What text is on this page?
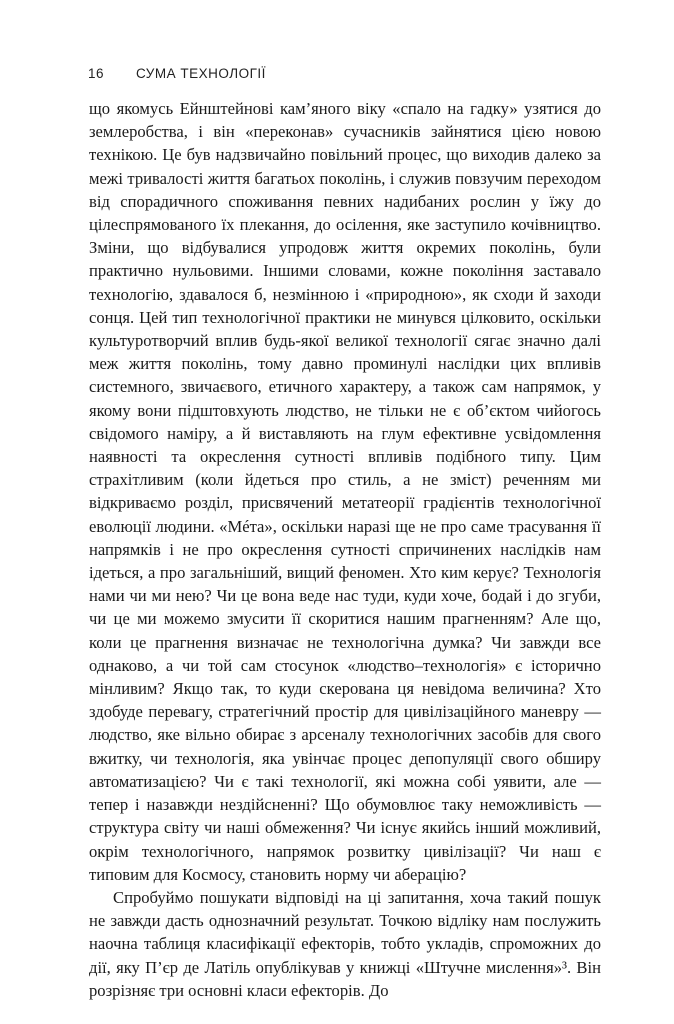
16 СУМА ТЕХНОЛОГІЇ

що якомусь Ейнштейнові кам’яного віку «спало на гадку» узятися до землеробства, і він «переконав» сучасників зайнятися цією новою технікою. Це був надзвичайно повільний процес, що виходив далеко за межі тривалості життя багатьох поколінь, і служив повзучим переходом від спорадичного споживання певних надибаних рослин у їжу до цілеспрямованого їх плекання, до осілення, яке заступило кочівництво. Зміни, що відбувалися упродовж життя окремих поколінь, були практично нульовими. Іншими словами, кожне покоління заставало технологію, здавалося б, незмінною і «природною», як сходи й заходи сонця. Цей тип технологічної практики не минувся цілковито, оскільки культуротворчий вплив будь-якої великої технології сягає значно далі меж життя поколінь, тому давно проминулі наслідки цих впливів системного, звичаєвого, етичного характеру, а також сам напрямок, у якому вони підштовхують людство, не тільки не є об’єктом чийогось свідомого наміру, а й виставляють на глум ефективне усвідомлення наявності та окреслення сутності впливів подібного типу. Цим страхітливим (коли йдеться про стиль, а не зміст) реченням ми відкриваємо розділ, присвячений метатеорії градієнтів технологічної еволюції людини. «Мéта», оскільки наразі ще не про саме трасування її напрямків і не про окреслення сутності спричинених наслідків нам ідеться, а про загальніший, вищий феномен. Хто ким керує? Технологія нами чи ми нею? Чи це вона веде нас туди, куди хоче, бодай і до згуби, чи це ми можемо змусити її скоритися нашим прагненням? Але що, коли це прагнення визначає не технологічна думка? Чи завжди все однаково, а чи той сам стосунок «людство–технологія» є історично мінливим? Якщо так, то куди скерована ця невідома величина? Хто здобуде перевагу, стратегічний простір для цивілізаційного маневру — людство, яке вільно обирає з арсеналу технологічних засобів для свого вжитку, чи технологія, яка увінчає процес депопуляції свого обширу автоматизацією? Чи є такі технології, які можна собі уявити, але — тепер і назавжди нездійсненні? Що обумовлює таку неможливість — структура світу чи наші обмеження? Чи існує якийсь інший можливий, окрім технологічного, напрямок розвитку цивілізації? Чи наш є типовим для Космосу, становить норму чи аберацію?

Спробуймо пошукати відповіді на ці запитання, хоча такий пошук не завжди дасть однозначний результат. Точкою відліку нам послужить наочна таблиця класифікації ефекторів, тобто укладів, спроможних до дії, яку П’єр де Латіль опублікував у книжці «Штучне мислення»³. Він розрізняє три основні класи ефекторів. До
